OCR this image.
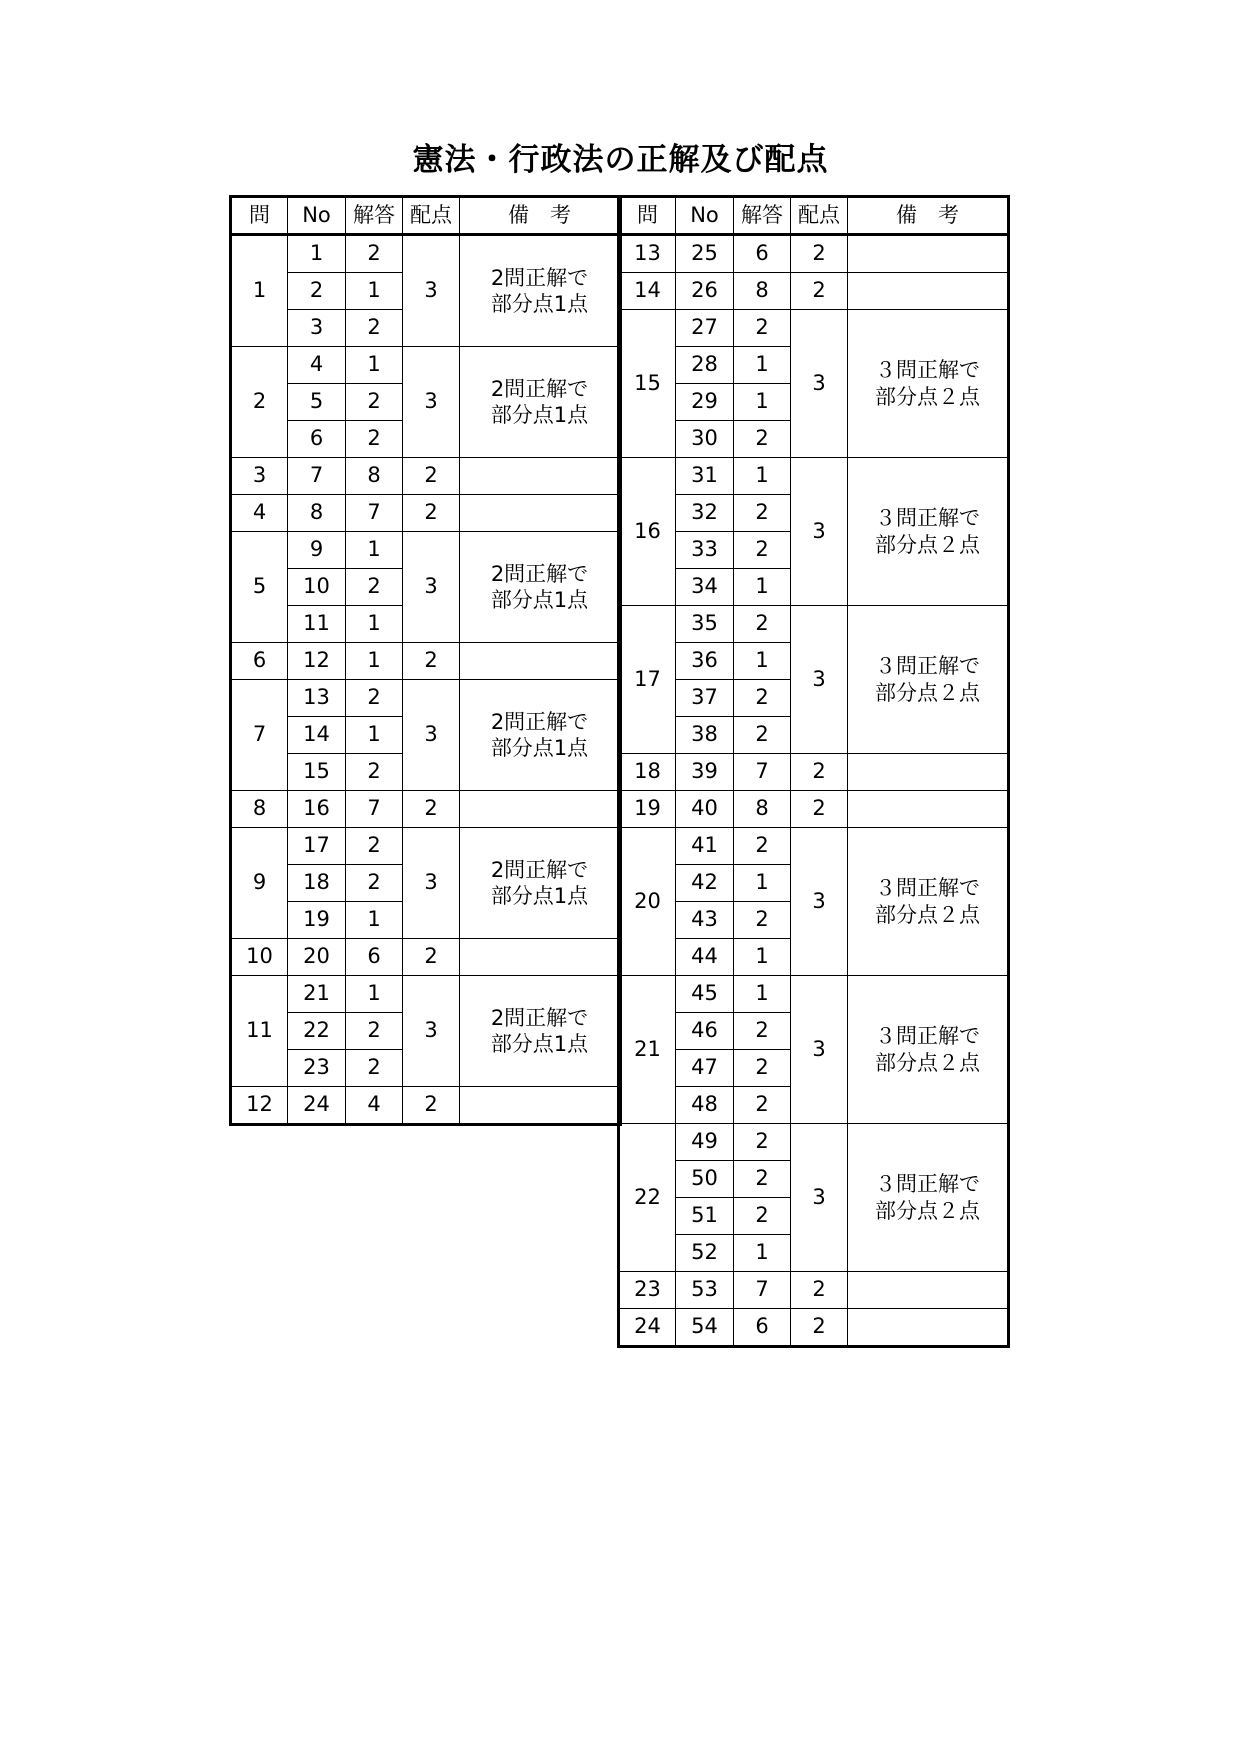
憲法・行政法の正解及び配点
問	No	解答	配点	備　考
1	1	2	3	2問正解で
部分点1点

	2	1		
	3	2		
2	4	1	3	2問正解で
部分点1点

	5	2		
	6	2		
3	7	8	2	
4	8	7	2	
5	9	1	3	2問正解で
部分点1点

	10	2		
	11	1		
6	12	1	2	
7	13	2	3	2問正解で
部分点1点

	14	1		
	15	2		
8	16	7	2	
9	17	2	3	2問正解で
部分点1点

	18	2		
	19	1		
10	20	6	2	
11	21	1	3	2問正解で
部分点1点

	22	2		
	23	2		
12	24	4	2	
問	No	解答	配点	備　考
13	25	6	2	
14	26	8	2	
15	27	2	3	３問正解で
部分点２点

	28	1		
	29	1		
	30	2		
16	31	1	3	３問正解で
部分点２点

	32	2		
	33	2		
	34	1		
17	35	2	3	３問正解で
部分点２点

	36	1		
	37	2		
	38	2		
18	39	7	2	
19	40	8	2	
20	41	2	3	３問正解で
部分点２点

	42	1		
	43	2		
	44	1		
21	45	1	3	３問正解で
部分点２点

	46	2		
	47	2		
	48	2		
22	49	2	3	３問正解で
部分点２点

	50	2		
	51	2		
	52	1		
23	53	7	2	
24	54	6	2	
